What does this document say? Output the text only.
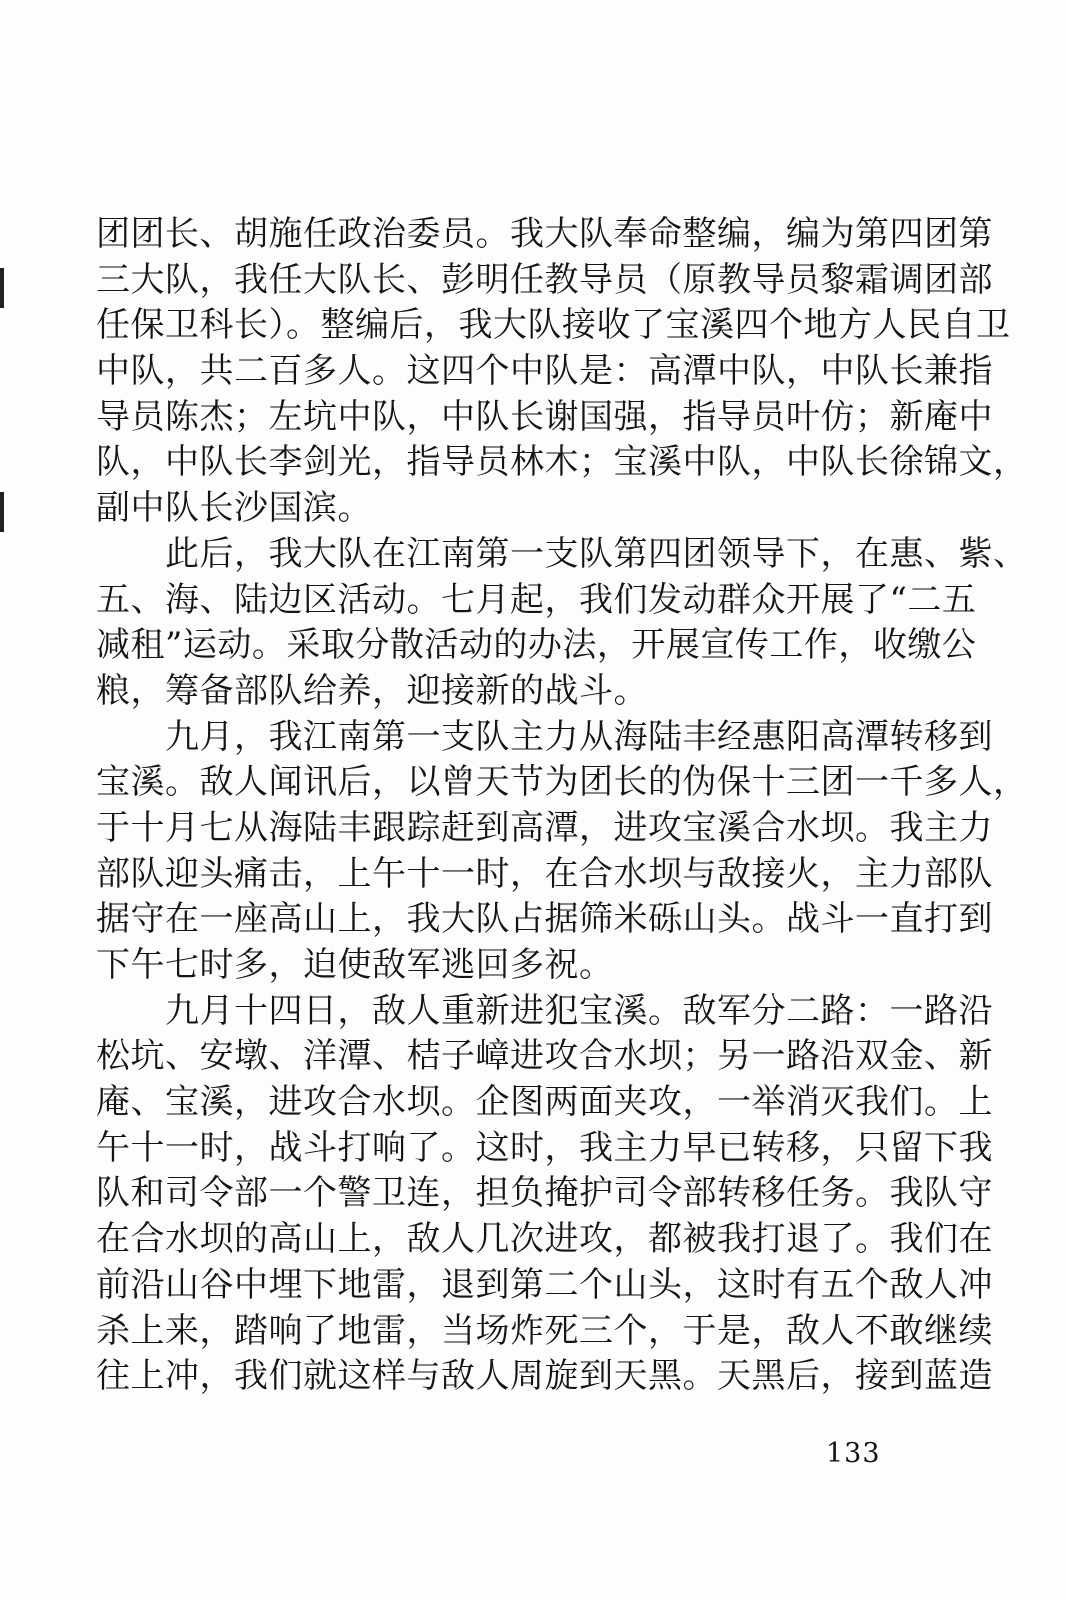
团团长、胡施任政治委员。我大队奉命整编，编为第四团第
三大队，我任大队长、彭明任教导员（原教导员黎霜调团部
任保卫科长）。整编后，我大队接收了宝溪四个地方人民自卫
中队，共二百多人。这四个中队是：高潭中队，中队长兼指
导员陈杰；左坑中队，中队长谢国强，指导员叶仿；新庵中
队，中队长李剑光，指导员林木；宝溪中队，中队长徐锦文，
副中队长沙国滨。
　　此后，我大队在江南第一支队第四团领导下，在惠、紫、
五、海、陆边区活动。七月起，我们发动群众开展了“二五
减租”运动。采取分散活动的办法，开展宣传工作，收缴公
粮，筹备部队给养，迎接新的战斗。
　　九月，我江南第一支队主力从海陆丰经惠阳高潭转移到
宝溪。敌人闻讯后，以曾天节为团长的伪保十三团一千多人，
于十月七从海陆丰跟踪赶到高潭，进攻宝溪合水坝。我主力
部队迎头痛击，上午十一时，在合水坝与敌接火，主力部队
据守在一座高山上，我大队占据筛米砾山头。战斗一直打到
下午七时多，迫使敌军逃回多祝。
　　九月十四日，敌人重新进犯宝溪。敌军分二路：一路沿
松坑、安墩、洋潭、桔子嶂进攻合水坝；另一路沿双金、新
庵、宝溪，进攻合水坝。企图两面夹攻，一举消灭我们。上
午十一时，战斗打响了。这时，我主力早已转移，只留下我
队和司令部一个警卫连，担负掩护司令部转移任务。我队守
在合水坝的高山上，敌人几次进攻，都被我打退了。我们在
前沿山谷中埋下地雷，退到第二个山头，这时有五个敌人冲
杀上来，踏响了地雷，当场炸死三个，于是，敌人不敢继续
往上冲，我们就这样与敌人周旋到天黑。天黑后，接到蓝造
133
